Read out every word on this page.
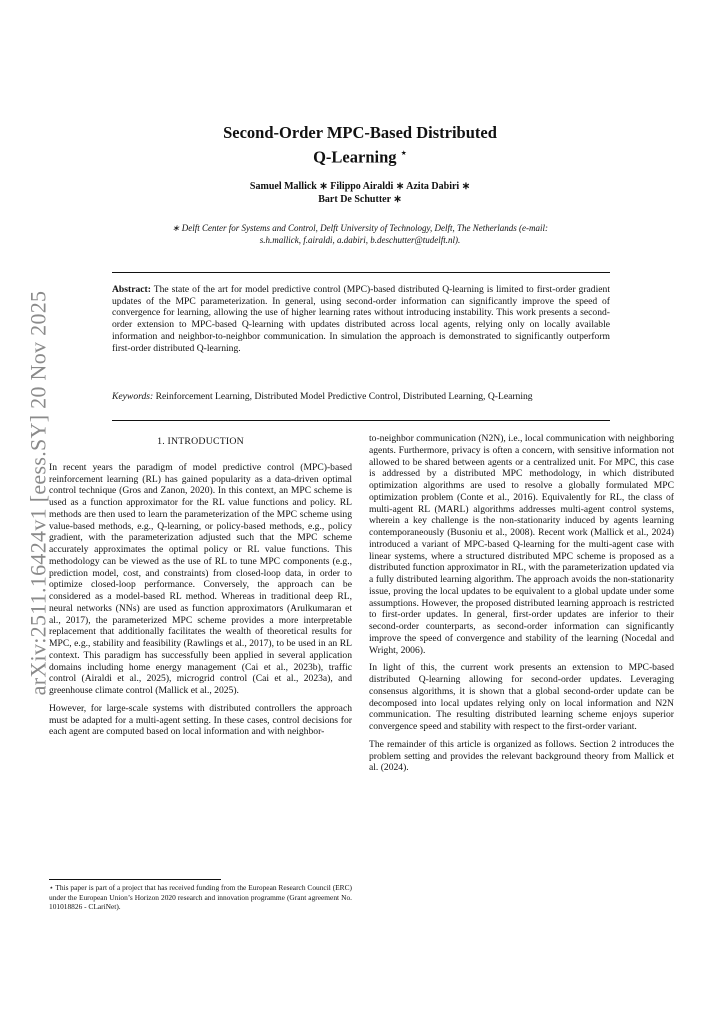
arXiv:2511.16424v1 [eess.SY] 20 Nov 2025
Second-Order MPC-Based Distributed
Q-Learning ⋆
Samuel Mallick ∗ Filippo Airaldi ∗ Azita Dabiri ∗
Bart De Schutter ∗
∗ Delft Center for Systems and Control, Delft University of Technology, Delft, The Netherlands (e-mail: s.h.mallick, f.airaldi, a.dabiri, b.deschutter@tudelft.nl).
Abstract: The state of the art for model predictive control (MPC)-based distributed Q-learning is limited to first-order gradient updates of the MPC parameterization. In general, using second-order information can significantly improve the speed of convergence for learning, allowing the use of higher learning rates without introducing instability. This work presents a second-order extension to MPC-based Q-learning with updates distributed across local agents, relying only on locally available information and neighbor-to-neighbor communication. In simulation the approach is demonstrated to significantly outperform first-order distributed Q-learning.
Keywords: Reinforcement Learning, Distributed Model Predictive Control, Distributed Learning, Q-Learning
1. INTRODUCTION

In recent years the paradigm of model predictive control (MPC)-based reinforcement learning (RL) has gained popularity as a data-driven optimal control technique (Gros and Zanon, 2020). In this context, an MPC scheme is used as a function approximator for the RL value functions and policy. RL methods are then used to learn the parameterization of the MPC scheme using value-based methods, e.g., Q-learning, or policy-based methods, e.g., policy gradient, with the parameterization adjusted such that the MPC scheme accurately approximates the optimal policy or RL value functions. This methodology can be viewed as the use of RL to tune MPC components (e.g., prediction model, cost, and constraints) from closed-loop data, in order to optimize closed-loop performance. Conversely, the approach can be considered as a model-based RL method. Whereas in traditional deep RL, neural networks (NNs) are used as function approximators (Arulkumaran et al., 2017), the parameterized MPC scheme provides a more interpretable replacement that additionally facilitates the wealth of theoretical results for MPC, e.g., stability and feasibility (Rawlings et al., 2017), to be used in an RL context. This paradigm has successfully been applied in several application domains including home energy management (Cai et al., 2023b), traffic control (Airaldi et al., 2025), microgrid control (Cai et al., 2023a), and greenhouse climate control (Mallick et al., 2025).

However, for large-scale systems with distributed controllers the approach must be adapted for a multi-agent setting. In these cases, control decisions for each agent are computed based on local information and with neighbor-

⋆ This paper is part of a project that has received funding from the European Research Council (ERC) under the European Union’s Horizon 2020 research and innovation programme (Grant agreement No. 101018826 - CLariNet).

to-neighbor communication (N2N), i.e., local communication with neighboring agents. Furthermore, privacy is often a concern, with sensitive information not allowed to be shared between agents or a centralized unit. For MPC, this case is addressed by a distributed MPC methodology, in which distributed optimization algorithms are used to resolve a globally formulated MPC optimization problem (Conte et al., 2016). Equivalently for RL, the class of multi-agent RL (MARL) algorithms addresses multi-agent control systems, wherein a key challenge is the non-stationarity induced by agents learning contemporaneously (Busoniu et al., 2008). Recent work (Mallick et al., 2024) introduced a variant of MPC-based Q-learning for the multi-agent case with linear systems, where a structured distributed MPC scheme is proposed as a distributed function approximator in RL, with the parameterization updated via a fully distributed learning algorithm. The approach avoids the non-stationarity issue, proving the local updates to be equivalent to a global update under some assumptions. However, the proposed distributed learning approach is restricted to first-order updates. In general, first-order updates are inferior to their second-order counterparts, as second-order information can significantly improve the speed of convergence and stability of the learning (Nocedal and Wright, 2006).

In light of this, the current work presents an extension to MPC-based distributed Q-learning allowing for second-order updates. Leveraging consensus algorithms, it is shown that a global second-order update can be decomposed into local updates relying only on local information and N2N communication. The resulting distributed learning scheme enjoys superior convergence speed and stability with respect to the first-order variant.

The remainder of this article is organized as follows. Section 2 introduces the problem setting and provides the relevant background theory from Mallick et al. (2024).
